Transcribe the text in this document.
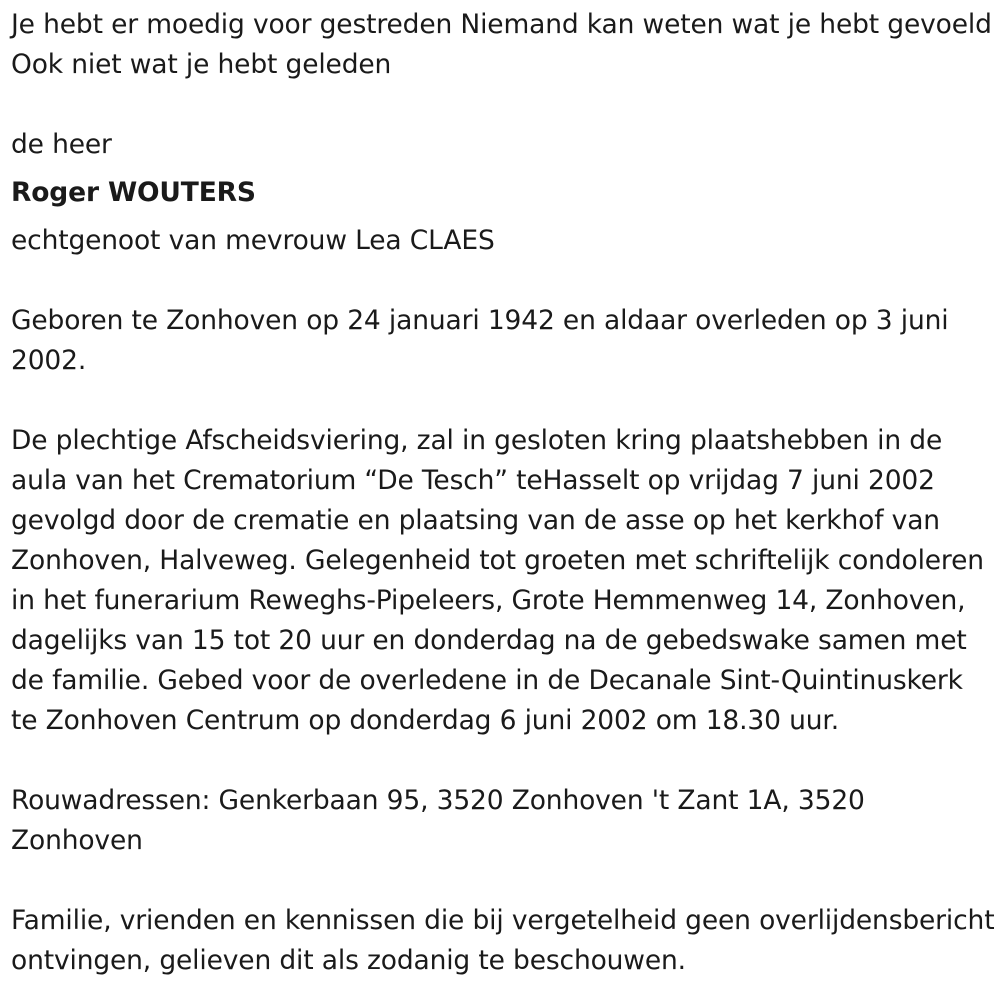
Je hebt er moedig voor gestreden Niemand kan weten wat je hebt gevoeld Ook niet wat je hebt geleden

de heer

Roger WOUTERS

echtgenoot van mevrouw Lea CLAES

Geboren te Zonhoven op 24 januari 1942 en aldaar overleden op 3 juni 2002.

De plechtige Afscheidsviering, zal in gesloten kring plaatshebben in de aula van het Crematorium “De Tesch” teHasselt op vrijdag 7 juni 2002 gevolgd door de crematie en plaatsing van de asse op het kerkhof van Zonhoven, Halveweg. Gelegenheid tot groeten met schriftelijk condoleren in het funerarium Reweghs-Pipeleers, Grote Hemmenweg 14, Zonhoven, dagelijks van 15 tot 20 uur en donderdag na de gebedswake samen met de familie. Gebed voor de overledene in de Decanale Sint-Quintinuskerk te Zonhoven Centrum op donderdag 6 juni 2002 om 18.30 uur.

Rouwadressen: Genkerbaan 95, 3520 Zonhoven 't Zant 1A, 3520 Zonhoven

Familie, vrienden en kennissen die bij vergetelheid geen overlijdensbericht ontvingen, gelieven dit als zodanig te beschouwen.
